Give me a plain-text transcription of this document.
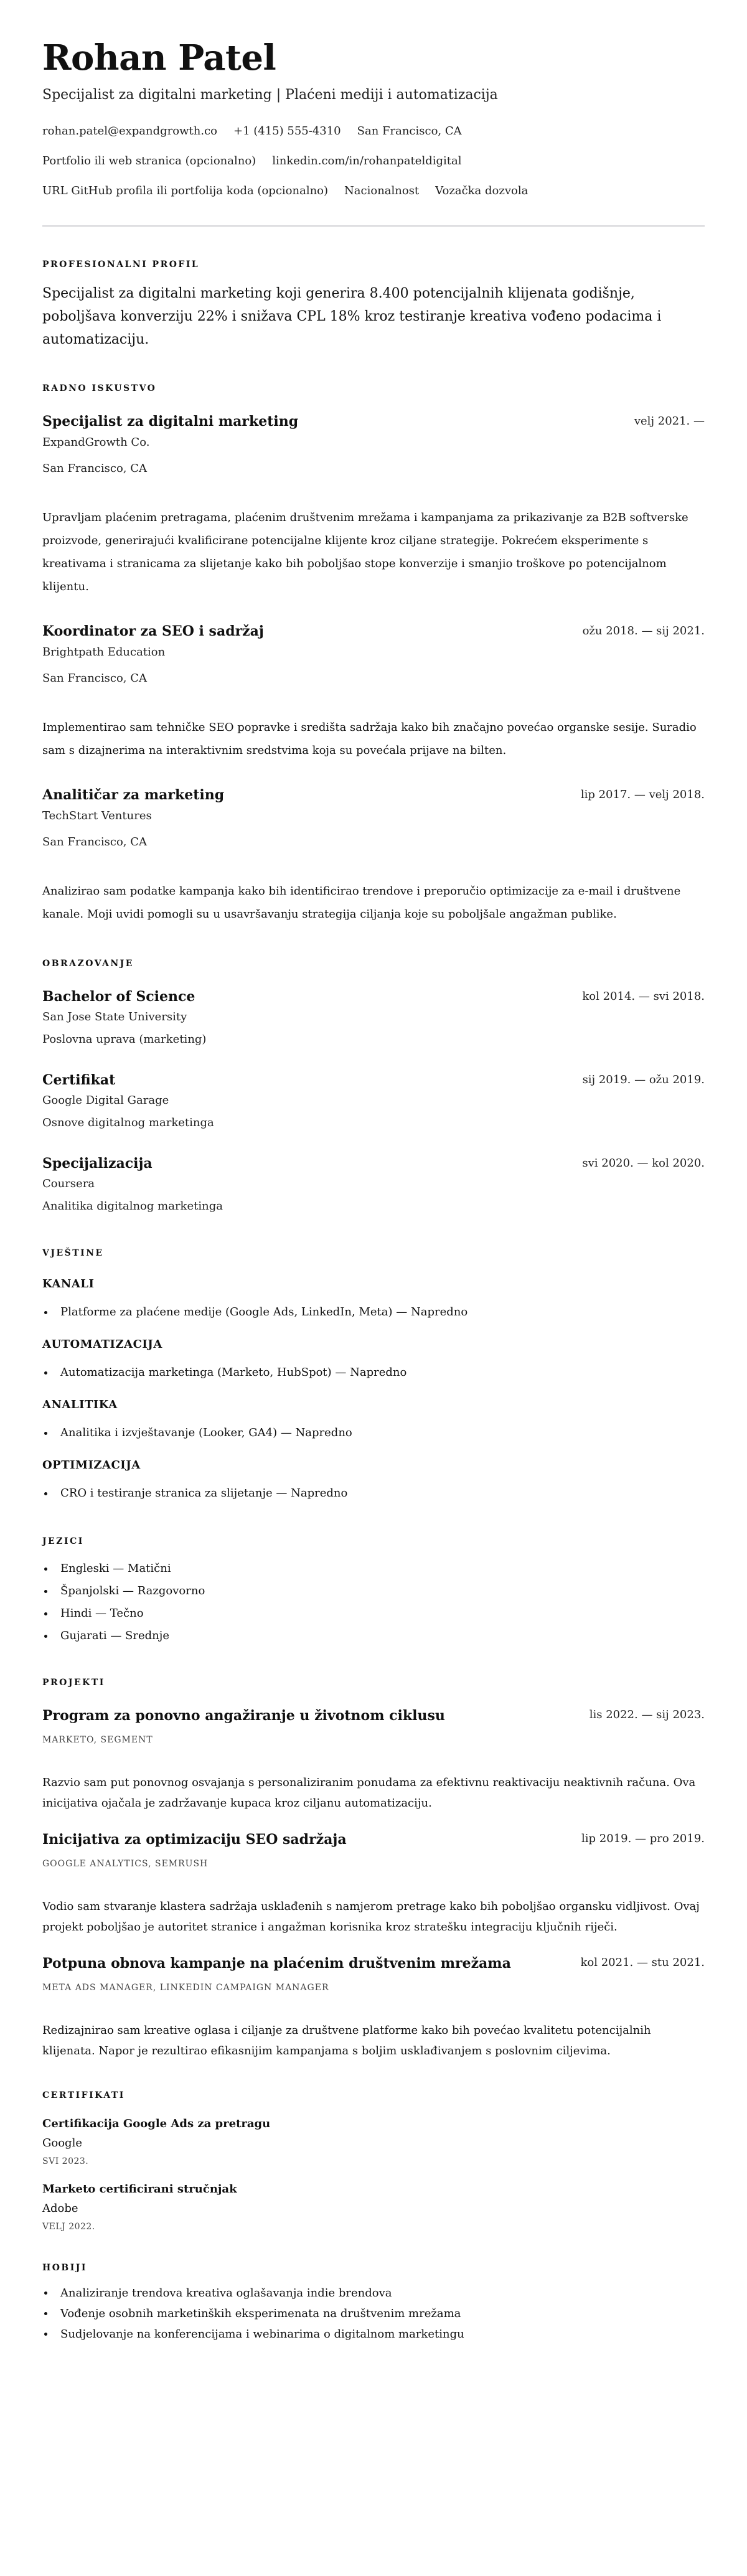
Rohan Patel
Specijalist za digitalni marketing | Plaćeni mediji i automatizacija
rohan.patel@expandgrowth.co +1 (415) 555-4310 San Francisco, CA
Portfolio ili web stranica (opcionalno) linkedin.com/in/rohanpateldigital
URL GitHub profila ili portfolija koda (opcionalno) Nacionalnost Vozačka dozvola
PROFESIONALNI PROFIL
Specijalist za digitalni marketing koji generira 8.400 potencijalnih klijenata godišnje, poboljšava konverziju 22% i snižava CPL 18% kroz testiranje kreativa vođeno podacima i automatizaciju.
RADNO ISKUSTVO
Specijalist za digitalni marketing	velj 2021. —
ExpandGrowth Co.
San Francisco, CA
Upravljam plaćenim pretragama, plaćenim društvenim mrežama i kampanjama za prikazivanje za B2B softverske proizvode, generirajući kvalificirane potencijalne klijente kroz ciljane strategije. Pokrećem eksperimente s kreativama i stranicama za slijetanje kako bih poboljšao stope konverzije i smanjio troškove po potencijalnom klijentu.
Koordinator za SEO i sadržaj	ožu 2018. — sij 2021.
Brightpath Education
San Francisco, CA
Implementirao sam tehničke SEO popravke i središta sadržaja kako bih značajno povećao organske sesije. Suradio sam s dizajnerima na interaktivnim sredstvima koja su povećala prijave na bilten.
Analitičar za marketing	lip 2017. — velj 2018.
TechStart Ventures
San Francisco, CA
Analizirao sam podatke kampanja kako bih identificirao trendove i preporučio optimizacije za e-mail i društvene kanale. Moji uvidi pomogli su u usavršavanju strategija ciljanja koje su poboljšale angažman publike.
OBRAZOVANJE
Bachelor of Science	kol 2014. — svi 2018.
San Jose State University
Poslovna uprava (marketing)
Certifikat	sij 2019. — ožu 2019.
Google Digital Garage
Osnove digitalnog marketinga
Specijalizacija	svi 2020. — kol 2020.
Coursera
Analitika digitalnog marketinga
VJEŠTINE
KANALI
Platforme za plaćene medije (Google Ads, LinkedIn, Meta) — Napredno
AUTOMATIZACIJA
Automatizacija marketinga (Marketo, HubSpot) — Napredno
ANALITIKA
Analitika i izvještavanje (Looker, GA4) — Napredno
OPTIMIZACIJA
CRO i testiranje stranica za slijetanje — Napredno
JEZICI
Engleski — Matični
Španjolski — Razgovorno
Hindi — Tečno
Gujarati — Srednje
PROJEKTI
Program za ponovno angažiranje u životnom ciklusu	lis 2022. — sij 2023.
MARKETO, SEGMENT
Razvio sam put ponovnog osvajanja s personaliziranim ponudama za efektivnu reaktivaciju neaktivnih računa. Ova inicijativa ojačala je zadržavanje kupaca kroz ciljanu automatizaciju.
Inicijativa za optimizaciju SEO sadržaja	lip 2019. — pro 2019.
GOOGLE ANALYTICS, SEMRUSH
Vodio sam stvaranje klastera sadržaja usklađenih s namjerom pretrage kako bih poboljšao organsku vidljivost. Ovaj projekt poboljšao je autoritet stranice i angažman korisnika kroz stratešku integraciju ključnih riječi.
Potpuna obnova kampanje na plaćenim društvenim mrežama	kol 2021. — stu 2021.
META ADS MANAGER, LINKEDIN CAMPAIGN MANAGER
Redizajnirao sam kreative oglasa i ciljanje za društvene platforme kako bih povećao kvalitetu potencijalnih klijenata. Napor je rezultirao efikasnijim kampanjama s boljim usklađivanjem s poslovnim ciljevima.
CERTIFIKATI
Certifikacija Google Ads za pretragu
Google
SVI 2023.
Marketo certificirani stručnjak
Adobe
VELJ 2022.
HOBIJI
Analiziranje trendova kreativa oglašavanja indie brendova
Vođenje osobnih marketinških eksperimenata na društvenim mrežama
Sudjelovanje na konferencijama i webinarima o digitalnom marketingu
